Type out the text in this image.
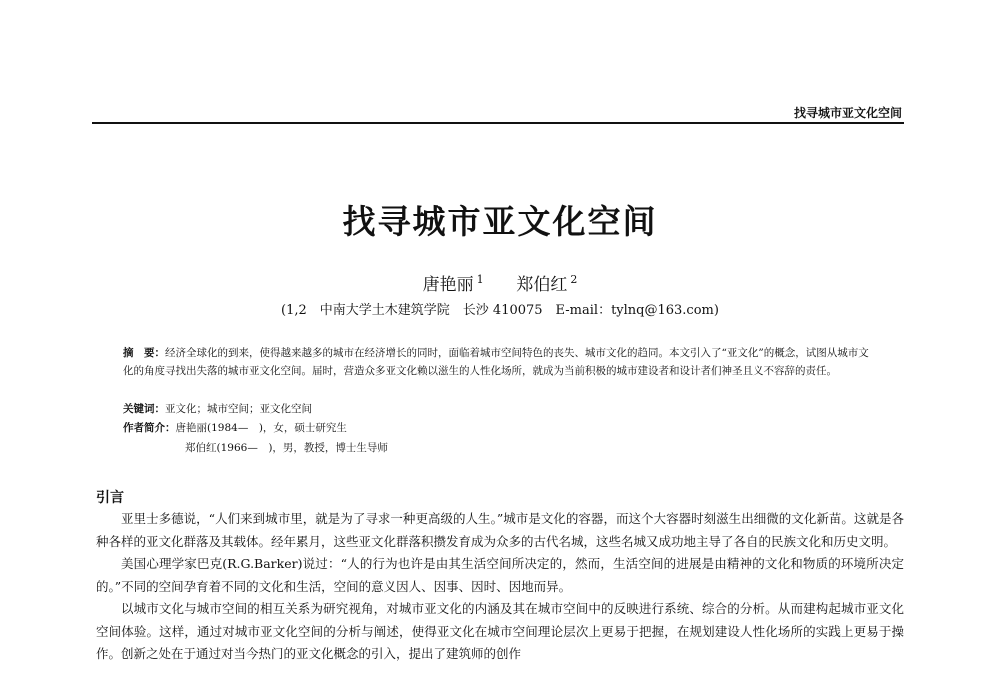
找寻城市亚文化空间
找寻城市亚文化空间
唐艳丽 $^1$ 郑伯红 $^2$
(1,2　中南大学土木建筑学院　长沙 410075　E-mail：tylnq@163.com)
摘　要：经济全球化的到来，使得越来越多的城市在经济增长的同时，面临着城市空间特色的丧失、城市文化的趋同。本文引入了“亚文化”的概念，试图从城市文化的角度寻找出失落的城市亚文化空间。届时，营造众多亚文化赖以滋生的人性化场所，就成为当前积极的城市建设者和设计者们神圣且义不容辞的责任。
关键词：亚文化；城市空间；亚文化空间
作者简介：唐艳丽(1984—　)，女，硕士研究生
郑伯红(1966—　)，男，教授，博士生导师
引言

亚里士多德说，“人们来到城市里，就是为了寻求一种更高级的人生。”城市是文化的容器，而这个大容器时刻滋生出细微的文化新苗。这就是各种各样的亚文化群落及其载体。经年累月，这些亚文化群落积攒发育成为众多的古代名城，这些名城又成功地主导了各自的民族文化和历史文明。

美国心理学家巴克(R.G.Barker)说过：“人的行为也许是由其生活空间所决定的，然而，生活空间的进展是由精神的文化和物质的环境所决定的。”不同的空间孕育着不同的文化和生活，空间的意义因人、因事、因时、因地而异。

以城市文化与城市空间的相互关系为研究视角，对城市亚文化的内涵及其在城市空间中的反映进行系统、综合的分析。从而建构起城市亚文化空间体验。这样，通过对城市亚文化空间的分析与阐述，使得亚文化在城市空间理论层次上更易于把握，在规划建设人性化场所的实践上更易于操作。创新之处在于通过对当今热门的亚文化概念的引入，提出了建筑师的创作
